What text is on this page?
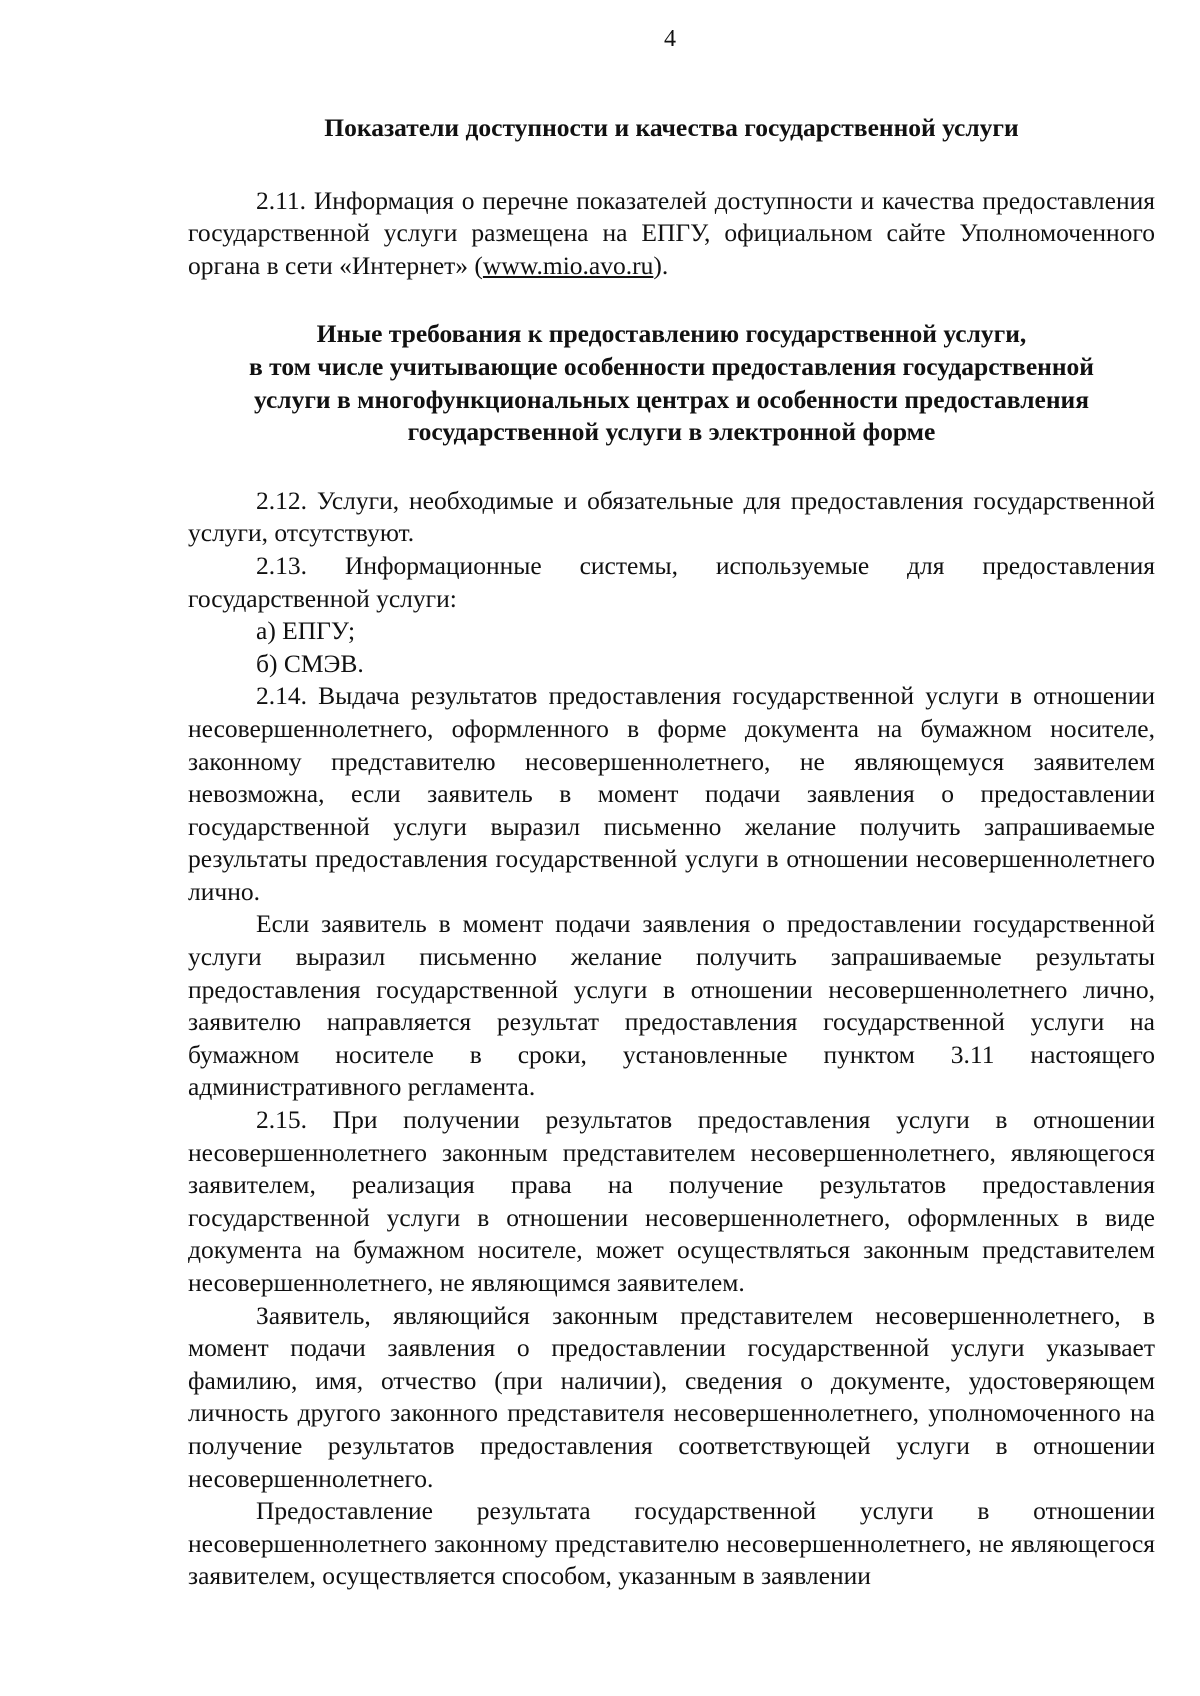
4

Показатели доступности и качества государственной услуги

2.11. Информация о перечне показателей доступности и качества предоставления государственной услуги размещена на ЕПГУ, официальном сайте Уполномоченного органа в сети «Интернет» (www.mio.avo.ru).

Иные требования к предоставлению государственной услуги,
в том числе учитывающие особенности предоставления государственной
услуги в многофункциональных центрах и особенности предоставления
государственной услуги в электронной форме

2.12. Услуги, необходимые и обязательные для предоставления государственной услуги, отсутствуют.

2.13. Информационные системы, используемые для предоставления государственной услуги:

а) ЕПГУ;

б) СМЭВ.

2.14. Выдача результатов предоставления государственной услуги в отношении несовершеннолетнего, оформленного в форме документа на бумажном носителе, законному представителю несовершеннолетнего, не являющемуся заявителем невозможна, если заявитель в момент подачи заявления о предоставлении государственной услуги выразил письменно желание получить запрашиваемые результаты предоставления государственной услуги в отношении несовершеннолетнего лично.

Если заявитель в момент подачи заявления о предоставлении государственной услуги выразил письменно желание получить запрашиваемые результаты предоставления государственной услуги в отношении несовершеннолетнего лично, заявителю направляется результат предоставления государственной услуги на бумажном носителе в сроки, установленные пунктом 3.11 настоящего административного регламента.

2.15. При получении результатов предоставления услуги в отношении несовершеннолетнего законным представителем несовершеннолетнего, являющегося заявителем, реализация права на получение результатов предоставления государственной услуги в отношении несовершеннолетнего, оформленных в виде документа на бумажном носителе, может осуществляться законным представителем несовершеннолетнего, не являющимся заявителем.

Заявитель, являющийся законным представителем несовершеннолетнего, в момент подачи заявления о предоставлении государственной услуги указывает фамилию, имя, отчество (при наличии), сведения о документе, удостоверяющем личность другого законного представителя несовершеннолетнего, уполномоченного на получение результатов предоставления соответствующей услуги в отношении несовершеннолетнего.

Предоставление результата государственной услуги в отношении несовершеннолетнего законному представителю несовершеннолетнего, не являющегося заявителем, осуществляется способом, указанным в заявлении
